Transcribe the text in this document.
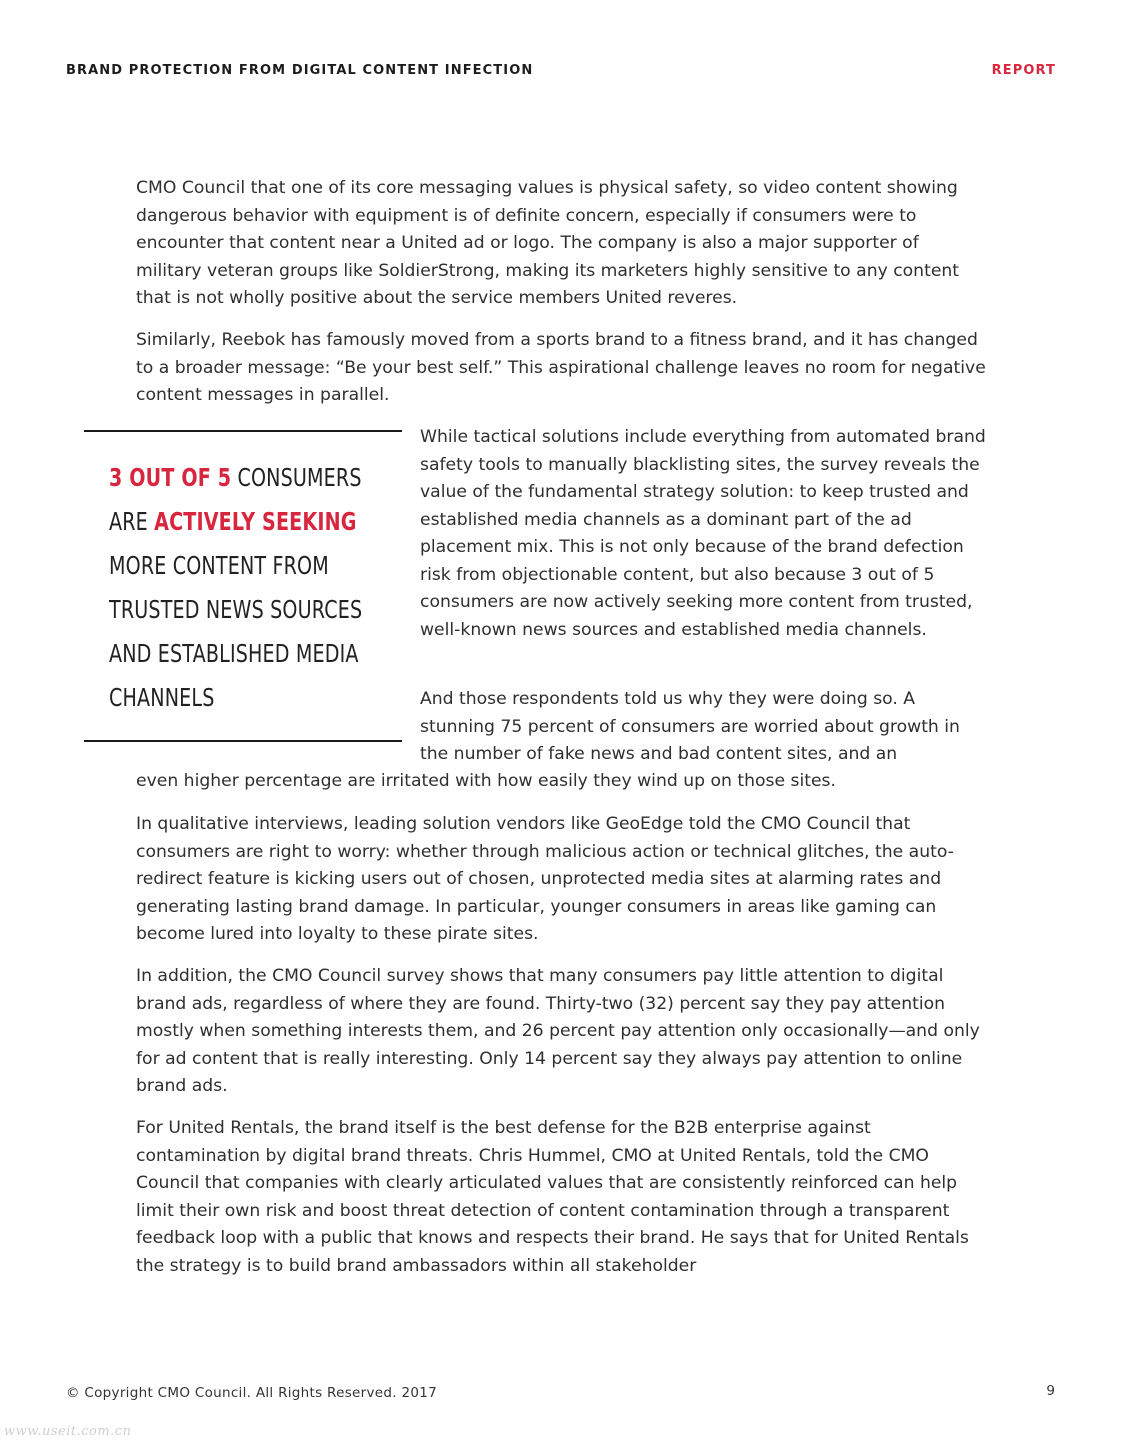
BRAND PROTECTION FROM DIGITAL CONTENT INFECTION	REPORT

CMO Council that one of its core messaging values is physical safety, so video content showing dangerous behavior with equipment is of definite concern, especially if consumers were to encounter that content near a United ad or logo. The company is also a major supporter of military veteran groups like SoldierStrong, making its marketers highly sensitive to any content that is not wholly positive about the service members United reveres.

Similarly, Reebok has famously moved from a sports brand to a fitness brand, and it has changed to a broader message: “Be your best self.” This aspirational challenge leaves no room for negative content messages in parallel.

3 OUT OF 5 CONSUMERS ARE ACTIVELY SEEKING MORE CONTENT FROM TRUSTED NEWS SOURCES AND ESTABLISHED MEDIA CHANNELS

While tactical solutions include everything from automated brand safety tools to manually blacklisting sites, the survey reveals the value of the fundamental strategy solution: to keep trusted and established media channels as a dominant part of the ad placement mix. This is not only because of the brand defection risk from objectionable content, but also because 3 out of 5 consumers are now actively seeking more content from trusted, well-known news sources and established media channels.

And those respondents told us why they were doing so. A stunning 75 percent of consumers are worried about growth in the number of fake news and bad content sites, and an

even higher percentage are irritated with how easily they wind up on those sites.

In qualitative interviews, leading solution vendors like GeoEdge told the CMO Council that consumers are right to worry: whether through malicious action or technical glitches, the auto-redirect feature is kicking users out of chosen, unprotected media sites at alarming rates and generating lasting brand damage. In particular, younger consumers in areas like gaming can become lured into loyalty to these pirate sites.

In addition, the CMO Council survey shows that many consumers pay little attention to digital brand ads, regardless of where they are found. Thirty-two (32) percent say they pay attention mostly when something interests them, and 26 percent pay attention only occasionally—and only for ad content that is really interesting. Only 14 percent say they always pay attention to online brand ads.

For United Rentals, the brand itself is the best defense for the B2B enterprise against contamination by digital brand threats. Chris Hummel, CMO at United Rentals, told the CMO Council that companies with clearly articulated values that are consistently reinforced can help limit their own risk and boost threat detection of content contamination through a transparent feedback loop with a public that knows and respects their brand. He says that for United Rentals the strategy is to build brand ambassadors within all stakeholder

© Copyright CMO Council. All Rights Reserved. 2017	9
www.useit.com.cn
